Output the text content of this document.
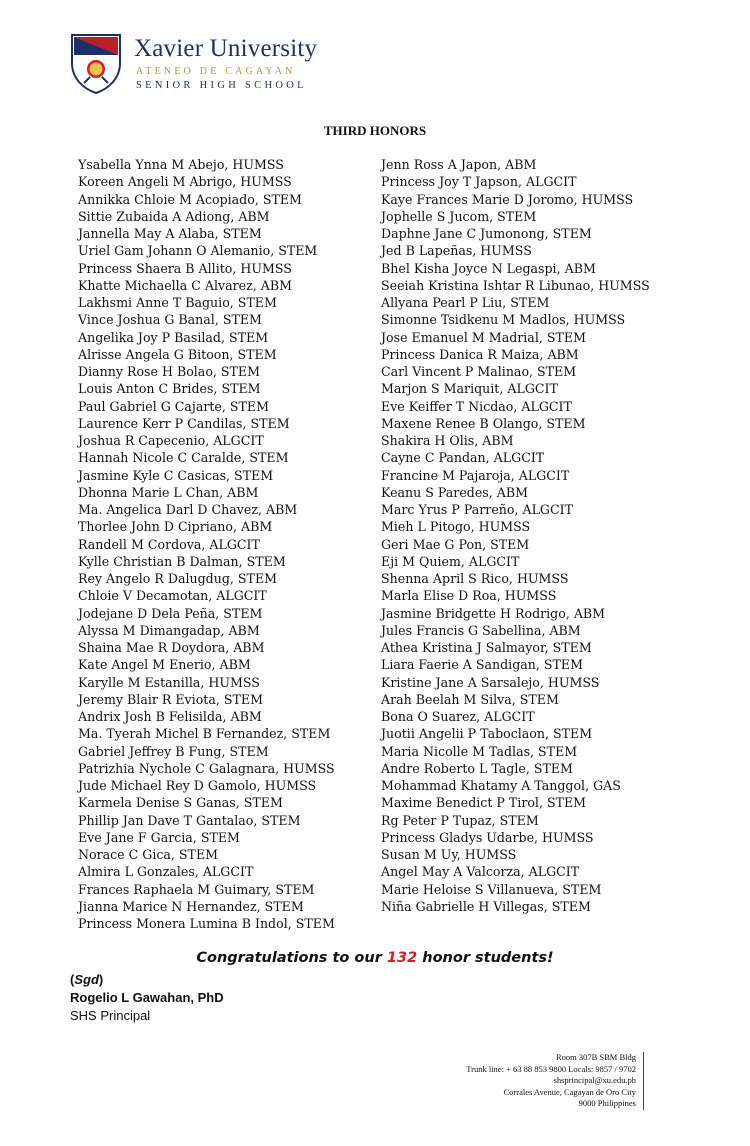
Xavier University
ATENEO DE CAGAYAN
SENIOR HIGH SCHOOL
THIRD HONORS
Ysabella Ynna M Abejo, HUMSS
Koreen Angeli M Abrigo, HUMSS
Annikka Chloie M Acopiado, STEM
Sittie Zubaida A Adiong, ABM
Jannella May A Alaba, STEM
Uriel Gam Johann O Alemanio, STEM
Princess Shaera B Allito, HUMSS
Khatte Michaella C Alvarez, ABM
Lakhsmi Anne T Baguio, STEM
Vince Joshua G Banal, STEM
Angelika Joy P Basilad, STEM
Alrisse Angela G Bitoon, STEM
Dianny Rose H Bolao, STEM
Louis Anton C Brides, STEM
Paul Gabriel G Cajarte, STEM
Laurence Kerr P Candilas, STEM
Joshua R Capecenio, ALGCIT
Hannah Nicole C Caralde, STEM
Jasmine Kyle C Casicas, STEM
Dhonna Marie L Chan, ABM
Ma. Angelica Darl D Chavez, ABM
Thorlee John D Cipriano, ABM
Randell M Cordova, ALGCIT
Kylle Christian B Dalman, STEM
Rey Angelo R Dalugdug, STEM
Chloie V Decamotan, ALGCIT
Jodejane D Dela Peña, STEM
Alyssa M Dimangadap, ABM
Shaina Mae R Doydora, ABM
Kate Angel M Enerio, ABM
Karylle M Estanilla, HUMSS
Jeremy Blair R Eviota, STEM
Andrix Josh B Felisilda, ABM
Ma. Tyerah Michel B Fernandez, STEM
Gabriel Jeffrey B Fung, STEM
Patrizhia Nychole C Galagnara, HUMSS
Jude Michael Rey D Gamolo, HUMSS
Karmela Denise S Ganas, STEM
Phillip Jan Dave T Gantalao, STEM
Eve Jane F Garcia, STEM
Norace C Gica, STEM
Almira L Gonzales, ALGCIT
Frances Raphaela M Guimary, STEM
Jianna Marice N Hernandez, STEM
Princess Monera Lumina B Indol, STEM
Jenn Ross A Japon, ABM
Princess Joy T Japson, ALGCIT
Kaye Frances Marie D Joromo, HUMSS
Jophelle S Jucom, STEM
Daphne Jane C Jumonong, STEM
Jed B Lapeñas, HUMSS
Bhel Kisha Joyce N Legaspi, ABM
Seeiah Kristina Ishtar R Libunao, HUMSS
Allyana Pearl P Liu, STEM
Simonne Tsidkenu M Madlos, HUMSS
Jose Emanuel M Madrial, STEM
Princess Danica R Maiza, ABM
Carl Vincent P Malinao, STEM
Marjon S Mariquit, ALGCIT
Eve Keiffer T Nicdao, ALGCIT
Maxene Renee B Olango, STEM
Shakira H Olis, ABM
Cayne C Pandan, ALGCIT
Francine M Pajaroja, ALGCIT
Keanu S Paredes, ABM
Marc Yrus P Parreño, ALGCIT
Mieh L Pitogo, HUMSS
Geri Mae G Pon, STEM
Eji M Quiem, ALGCIT
Shenna April S Rico, HUMSS
Marla Elise D Roa, HUMSS
Jasmine Bridgette H Rodrigo, ABM
Jules Francis G Sabellina, ABM
Athea Kristina J Salmayor, STEM
Liara Faerie A Sandigan, STEM
Kristine Jane A Sarsalejo, HUMSS
Arah Beelah M Silva, STEM
Bona O Suarez, ALGCIT
Juotii Angelii P Taboclaon, STEM
Maria Nicolle M Tadlas, STEM
Andre Roberto L Tagle, STEM
Mohammad Khatamy A Tanggol, GAS
Maxime Benedict P Tirol, STEM
Rg Peter P Tupaz, STEM
Princess Gladys Udarbe, HUMSS
Susan M Uy, HUMSS
Angel May A Valcorza, ALGCIT
Marie Heloise S Villanueva, STEM
Niña Gabrielle H Villegas, STEM
Congratulations to our 132 honor students!
(Sgd)
Rogelio L Gawahan, PhD
SHS Principal
Room 307B SBM Bldg
Trunk line: + 63 88 853 9800 Locals: 9857 / 9702
shsprincipal@xu.edu.ph
Corrales Avenue, Cagayan de Oro City
9000 Philippines
